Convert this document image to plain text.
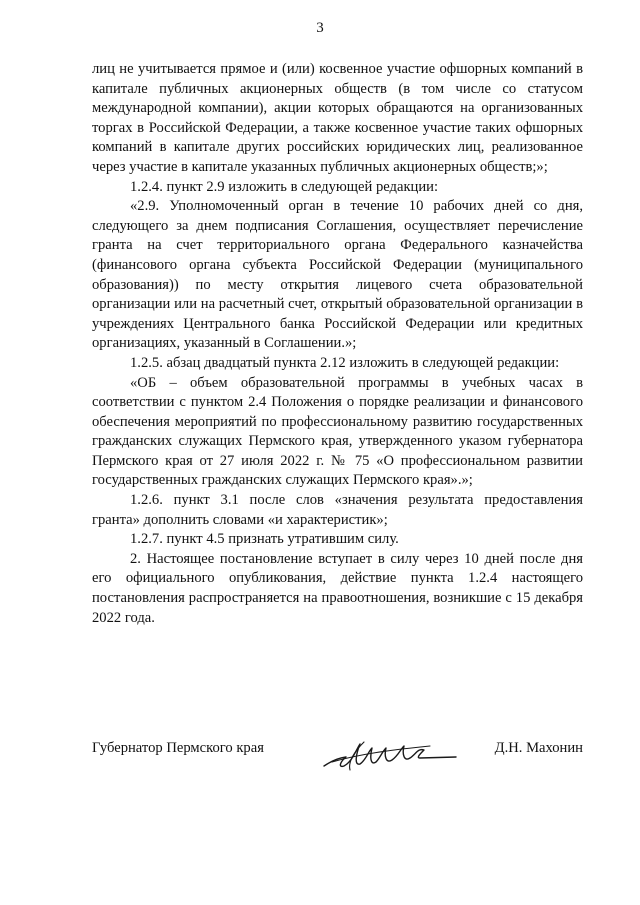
3

лиц не учитывается прямое и (или) косвенное участие офшорных компаний в капитале публичных акционерных обществ (в том числе со статусом международной компании), акции которых обращаются на организованных торгах в Российской Федерации, а также косвенное участие таких офшорных компаний в капитале других российских юридических лиц, реализованное через участие в капитале указанных публичных акционерных обществ;»;

1.2.4. пункт 2.9 изложить в следующей редакции:

«2.9. Уполномоченный орган в течение 10 рабочих дней со дня, следующего за днем подписания Соглашения, осуществляет перечисление гранта на счет территориального органа Федерального казначейства (финансового органа субъекта Российской Федерации (муниципального образования)) по месту открытия лицевого счета образовательной организации или на расчетный счет, открытый образовательной организации в учреждениях Центрального банка Российской Федерации или кредитных организациях, указанный в Соглашении.»;

1.2.5. абзац двадцатый пункта 2.12 изложить в следующей редакции:

«ОБ – объем образовательной программы в учебных часах в соответствии с пунктом 2.4 Положения о порядке реализации и финансового обеспечения мероприятий по профессиональному развитию государственных гражданских служащих Пермского края, утвержденного указом губернатора Пермского края от 27 июля 2022 г. № 75 «О профессиональном развитии государственных гражданских служащих Пермского края».»;

1.2.6. пункт 3.1 после слов «значения результата предоставления гранта» дополнить словами «и характеристик»;

1.2.7. пункт 4.5 признать утратившим силу.

2. Настоящее постановление вступает в силу через 10 дней после дня его официального опубликования, действие пункта 1.2.4 настоящего постановления распространяется на правоотношения, возникшие с 15 декабря 2022 года.

Губернатор Пермского края	Д.Н. Махонин
